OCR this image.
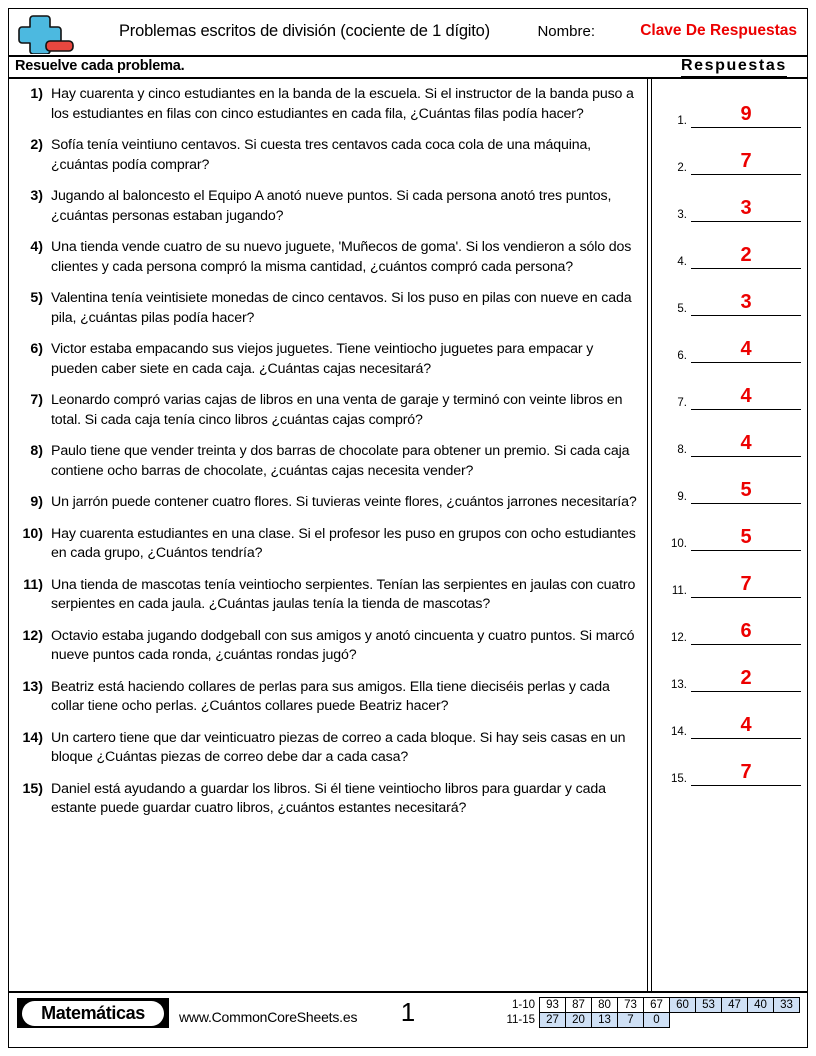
Problemas escritos de división (cociente de 1 dígito)	Nombre:	Clave De Respuestas
Resuelve cada problema.	Respuestas
1) Hay cuarenta y cinco estudiantes en la banda de la escuela. Si el instructor de la banda puso a los estudiantes en filas con cinco estudiantes en cada fila, ¿Cuántas filas podía hacer?
2) Sofía tenía veintiuno centavos. Si cuesta tres centavos cada coca cola de una máquina, ¿cuántas podía comprar?
3) Jugando al baloncesto el Equipo A anotó nueve puntos. Si cada persona anotó tres puntos, ¿cuántas personas estaban jugando?
4) Una tienda vende cuatro de su nuevo juguete, 'Muñecos de goma'. Si los vendieron a sólo dos clientes y cada persona compró la misma cantidad, ¿cuántos compró cada persona?
5) Valentina tenía veintisiete monedas de cinco centavos. Si los puso en pilas con nueve en cada pila, ¿cuántas pilas podía hacer?
6) Victor estaba empacando sus viejos juguetes. Tiene veintiocho juguetes para empacar y pueden caber siete en cada caja. ¿Cuántas cajas necesitará?
7) Leonardo compró varias cajas de libros en una venta de garaje y terminó con veinte libros en total. Si cada caja tenía cinco libros ¿cuántas cajas compró?
8) Paulo tiene que vender treinta y dos barras de chocolate para obtener un premio. Si cada caja contiene ocho barras de chocolate, ¿cuántas cajas necesita vender?
9) Un jarrón puede contener cuatro flores. Si tuvieras veinte flores, ¿cuántos jarrones necesitaría?
10) Hay cuarenta estudiantes en una clase. Si el profesor les puso en grupos con ocho estudiantes en cada grupo, ¿Cuántos tendría?
11) Una tienda de mascotas tenía veintiocho serpientes. Tenían las serpientes en jaulas con cuatro serpientes en cada jaula. ¿Cuántas jaulas tenía la tienda de mascotas?
12) Octavio estaba jugando dodgeball con sus amigos y anotó cincuenta y cuatro puntos. Si marcó nueve puntos cada ronda, ¿cuántas rondas jugó?
13) Beatriz está haciendo collares de perlas para sus amigos. Ella tiene dieciséis perlas y cada collar tiene ocho perlas. ¿Cuántos collares puede Beatriz hacer?
14) Un cartero tiene que dar veinticuatro piezas de correo a cada bloque. Si hay seis casas en un bloque ¿Cuántas piezas de correo debe dar a cada casa?
15) Daniel está ayudando a guardar los libros. Si él tiene veintiocho libros para guardar y cada estante puede guardar cuatro libros, ¿cuántos estantes necesitará?
1.	9
2.	7
3.	3
4.	2
5.	3
6.	4
7.	4
8.	4
9.	5
10.	5
11.	7
12.	6
13.	2
14.	4
15.	7
Matemáticas	www.CommonCoreSheets.es	1	1-10	93	87	80	73	67	60	53	47	40	33
11-15	27	20	13	7	0					
